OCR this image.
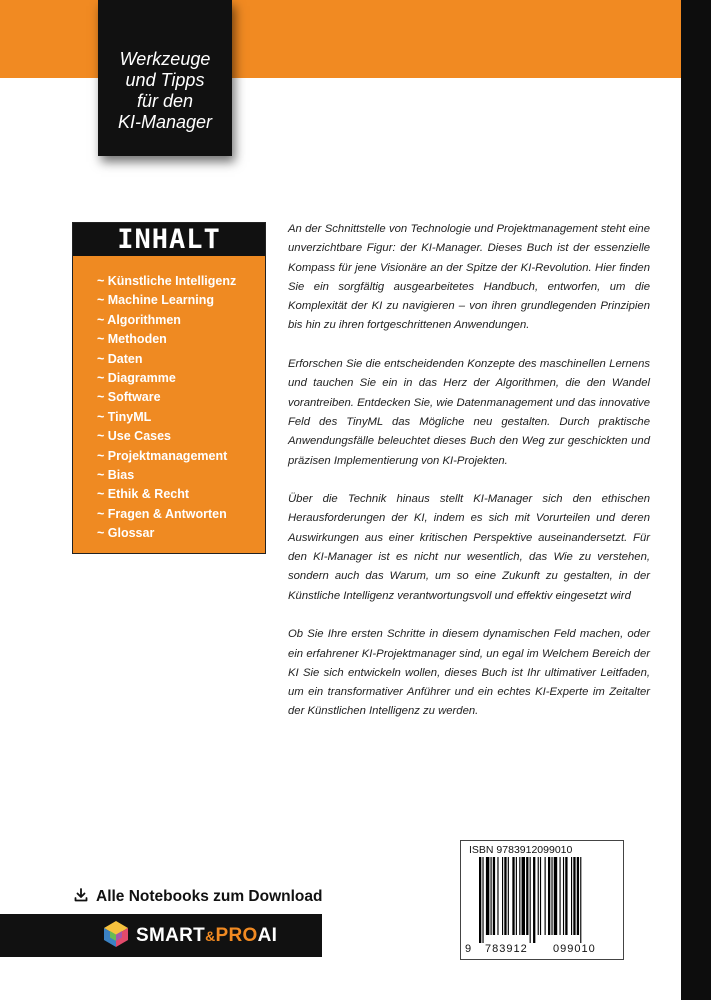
Werkzeuge
und Tipps
für den
KI-Manager
INHALT
~ Künstliche Intelligenz
~ Machine Learning
~ Algorithmen
~ Methoden
~ Daten
~ Diagramme
~ Software
~ TinyML
~ Use Cases
~ Projektmanagement
~ Bias
~ Ethik & Recht
~ Fragen & Antworten
~ Glossar

An der Schnittstelle von Technologie und Projektmanagement steht eine unverzichtbare Figur: der KI-Manager. Dieses Buch ist der essenzielle Kompass für jene Visionäre an der Spitze der KI-Revolution. Hier finden Sie ein sorgfältig ausgearbeitetes Handbuch, entworfen, um die Komplexität der KI zu navigieren – von ihren grundlegenden Prinzipien bis hin zu ihren fortgeschrittenen Anwendungen.

Erforschen Sie die entscheidenden Konzepte des maschinellen Lernens und tauchen Sie ein in das Herz der Algorithmen, die den Wandel vorantreiben. Entdecken Sie, wie Datenmanagement und das innovative Feld des TinyML das Mögliche neu gestalten. Durch praktische Anwendungsfälle beleuchtet dieses Buch den Weg zur geschickten und präzisen Implementierung von KI-Projekten.

Über die Technik hinaus stellt KI-Manager sich den ethischen Herausforderungen der KI, indem es sich mit Vorurteilen und deren Auswirkungen aus einer kritischen Perspektive auseinandersetzt. Für den KI-Manager ist es nicht nur wesentlich, das Wie zu verstehen, sondern auch das Warum, um so eine Zukunft zu gestalten, in der Künstliche Intelligenz verantwortungsvoll und effektiv eingesetzt wird

Ob Sie Ihre ersten Schritte in diesem dynamischen Feld machen, oder ein erfahrener KI-Projektmanager sind, un egal im Welchem Bereich der KI Sie sich entwickeln wollen, dieses Buch ist Ihr ultimativer Leitfaden, um ein transformativer Anführer und ein echtes KI-Experte im Zeitalter der Künstlichen Intelligenz zu werden.

Alle Notebooks zum Download
SMART&PROAI
ISBN 9783912099010
9 783912 099010
